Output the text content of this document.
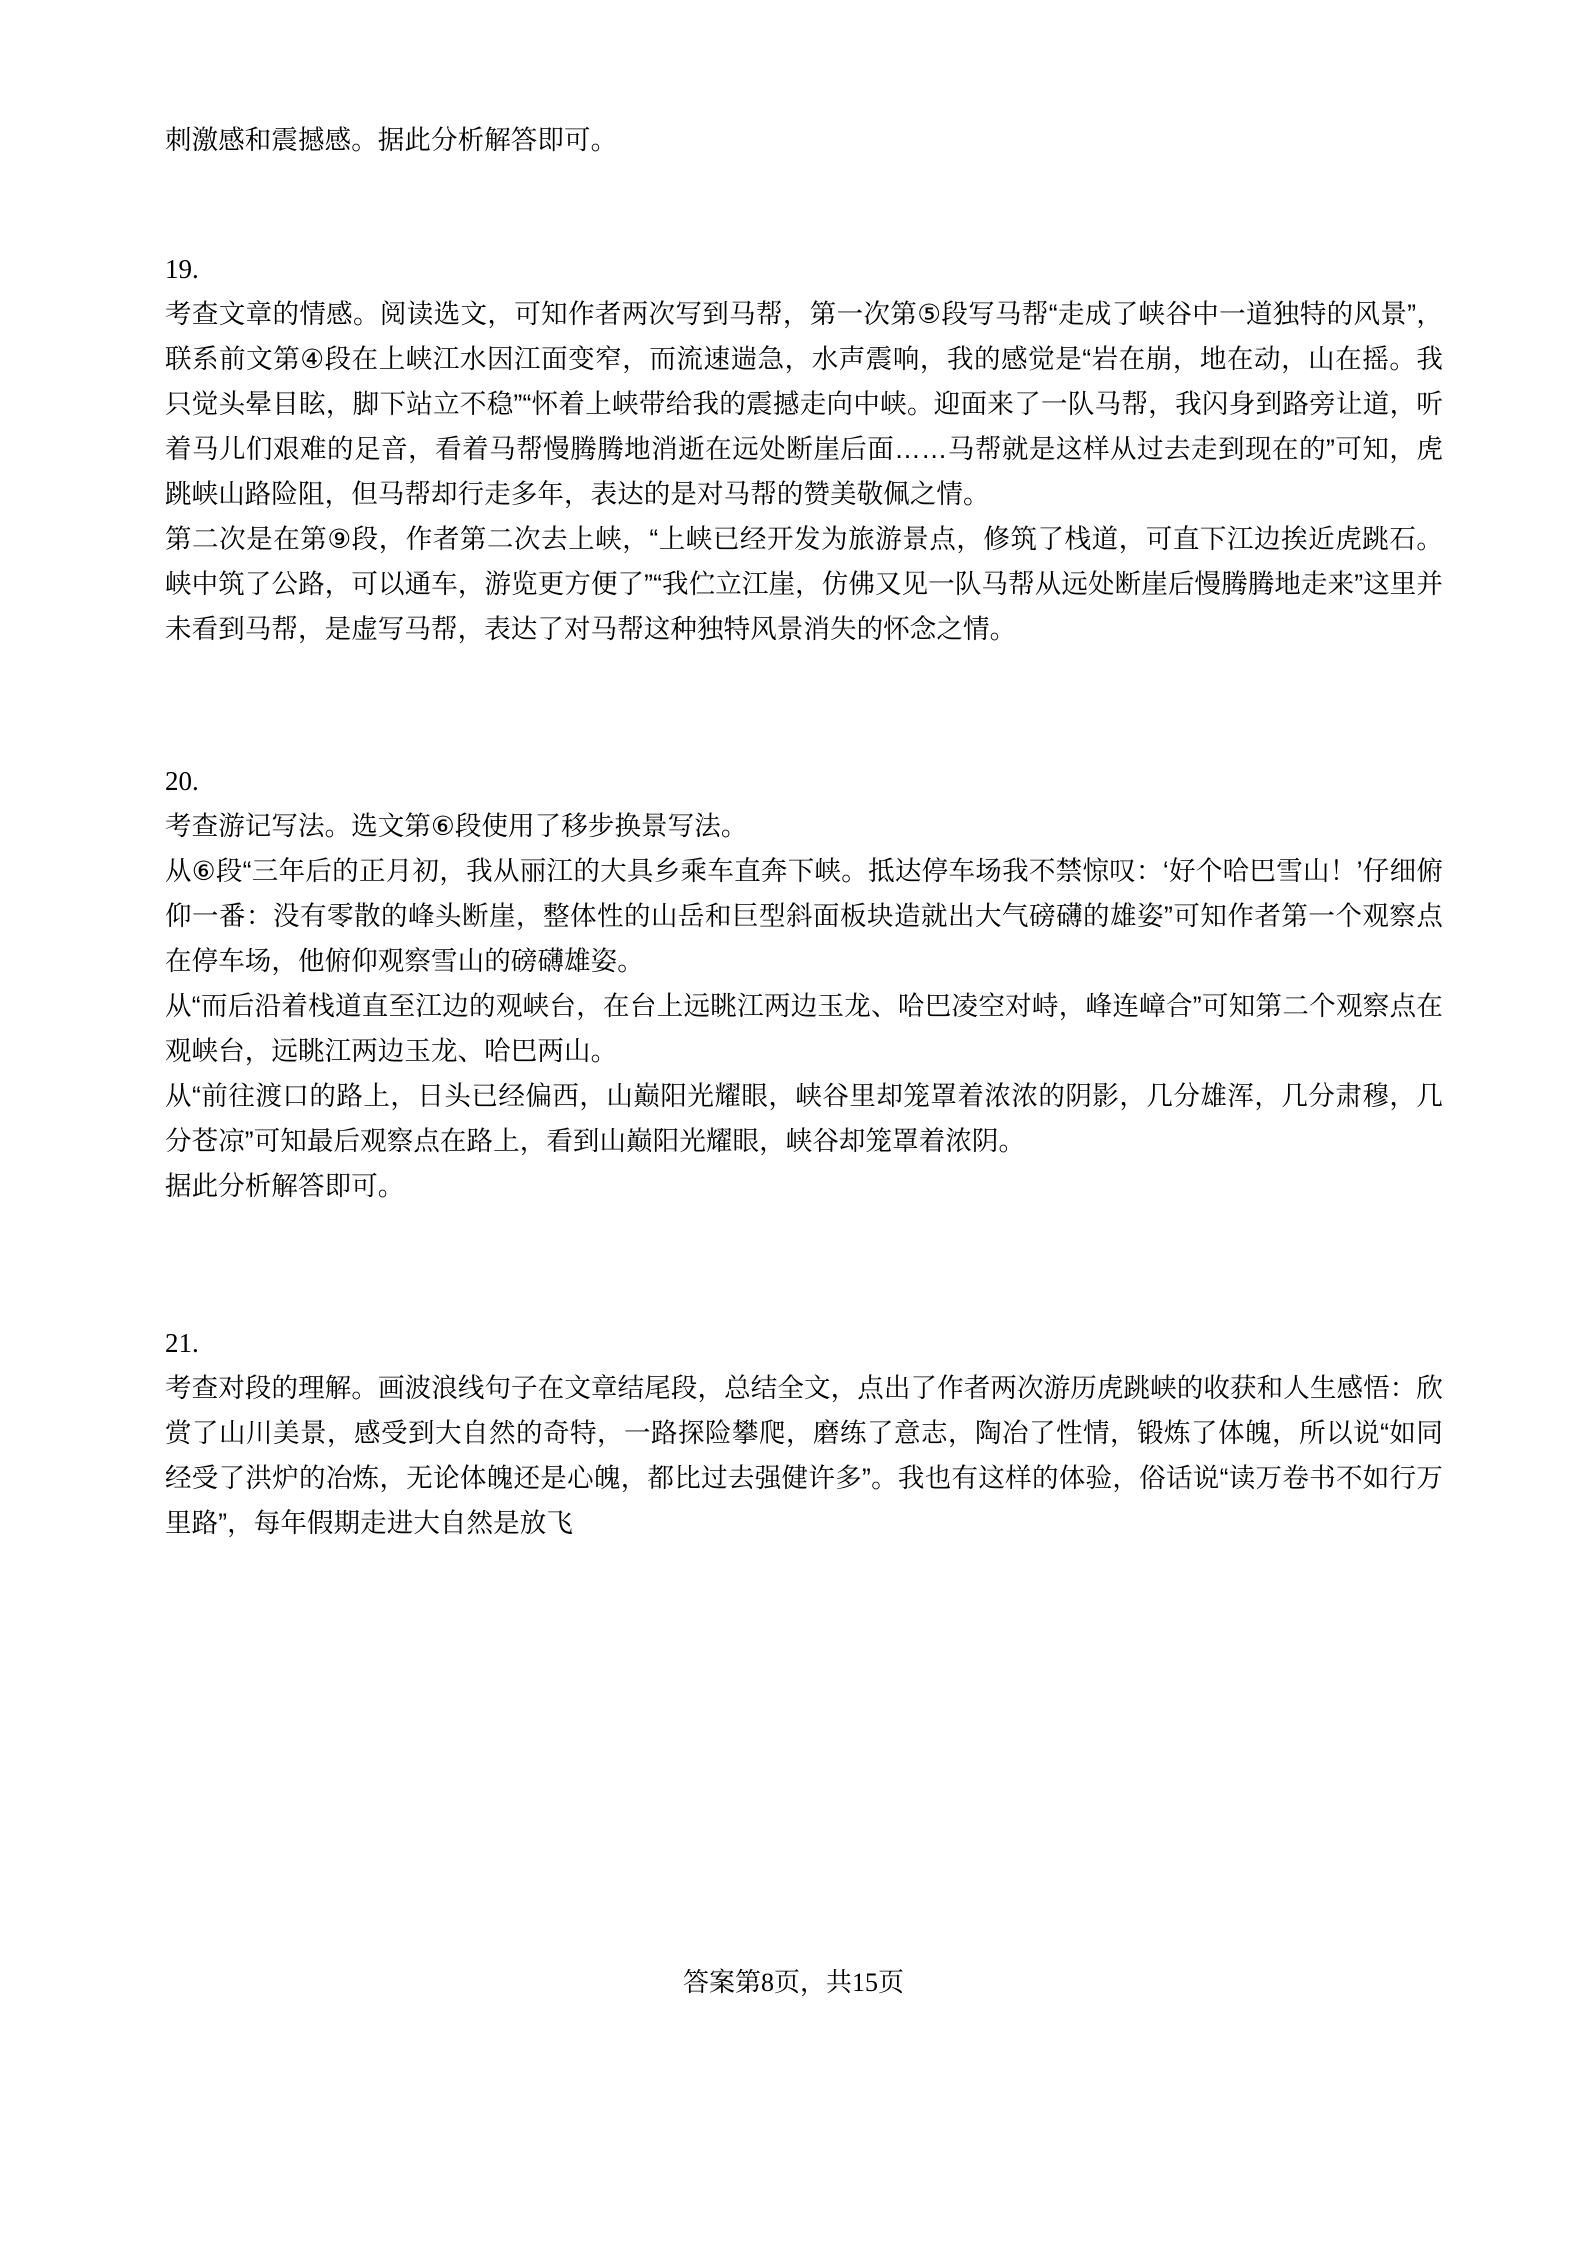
刺激感和震撼感。据此分析解答即可。

19.

考查文章的情感。阅读选文，可知作者两次写到马帮，第一次第⑤段写马帮“走成了峡谷中一道独特的风景”，联系前文第④段在上峡江水因江面变窄，而流速遄急，水声震响，我的感觉是“岩在崩，地在动，山在摇。我只觉头晕目眩，脚下站立不稳”“怀着上峡带给我的震撼走向中峡。迎面来了一队马帮，我闪身到路旁让道，听着马儿们艰难的足音，看着马帮慢腾腾地消逝在远处断崖后面……马帮就是这样从过去走到现在的”可知，虎跳峡山路险阻，但马帮却行走多年，表达的是对马帮的赞美敬佩之情。

第二次是在第⑨段，作者第二次去上峡，“上峡已经开发为旅游景点，修筑了栈道，可直下江边挨近虎跳石。峡中筑了公路，可以通车，游览更方便了”“我伫立江崖，仿佛又见一队马帮从远处断崖后慢腾腾地走来”这里并未看到马帮，是虚写马帮，表达了对马帮这种独特风景消失的怀念之情。

20.

考查游记写法。选文第⑥段使用了移步换景写法。

从⑥段“三年后的正月初，我从丽江的大具乡乘车直奔下峡。抵达停车场我不禁惊叹：‘好个哈巴雪山！’仔细俯仰一番：没有零散的峰头断崖，整体性的山岳和巨型斜面板块造就出大气磅礴的雄姿”可知作者第一个观察点在停车场，他俯仰观察雪山的磅礴雄姿。

从“而后沿着栈道直至江边的观峡台，在台上远眺江两边玉龙、哈巴凌空对峙，峰连嶂合”可知第二个观察点在观峡台，远眺江两边玉龙、哈巴两山。

从“前往渡口的路上，日头已经偏西，山巅阳光耀眼，峡谷里却笼罩着浓浓的阴影，几分雄浑，几分肃穆，几分苍凉”可知最后观察点在路上，看到山巅阳光耀眼，峡谷却笼罩着浓阴。

据此分析解答即可。

21.

考查对段的理解。画波浪线句子在文章结尾段，总结全文，点出了作者两次游历虎跳峡的收获和人生感悟：欣赏了山川美景，感受到大自然的奇特，一路探险攀爬，磨练了意志，陶冶了性情，锻炼了体魄，所以说“如同经受了洪炉的冶炼，无论体魄还是心魄，都比过去强健许多”。我也有这样的体验，俗话说“读万卷书不如行万里路”，每年假期走进大自然是放飞

答案第8页，共15页
